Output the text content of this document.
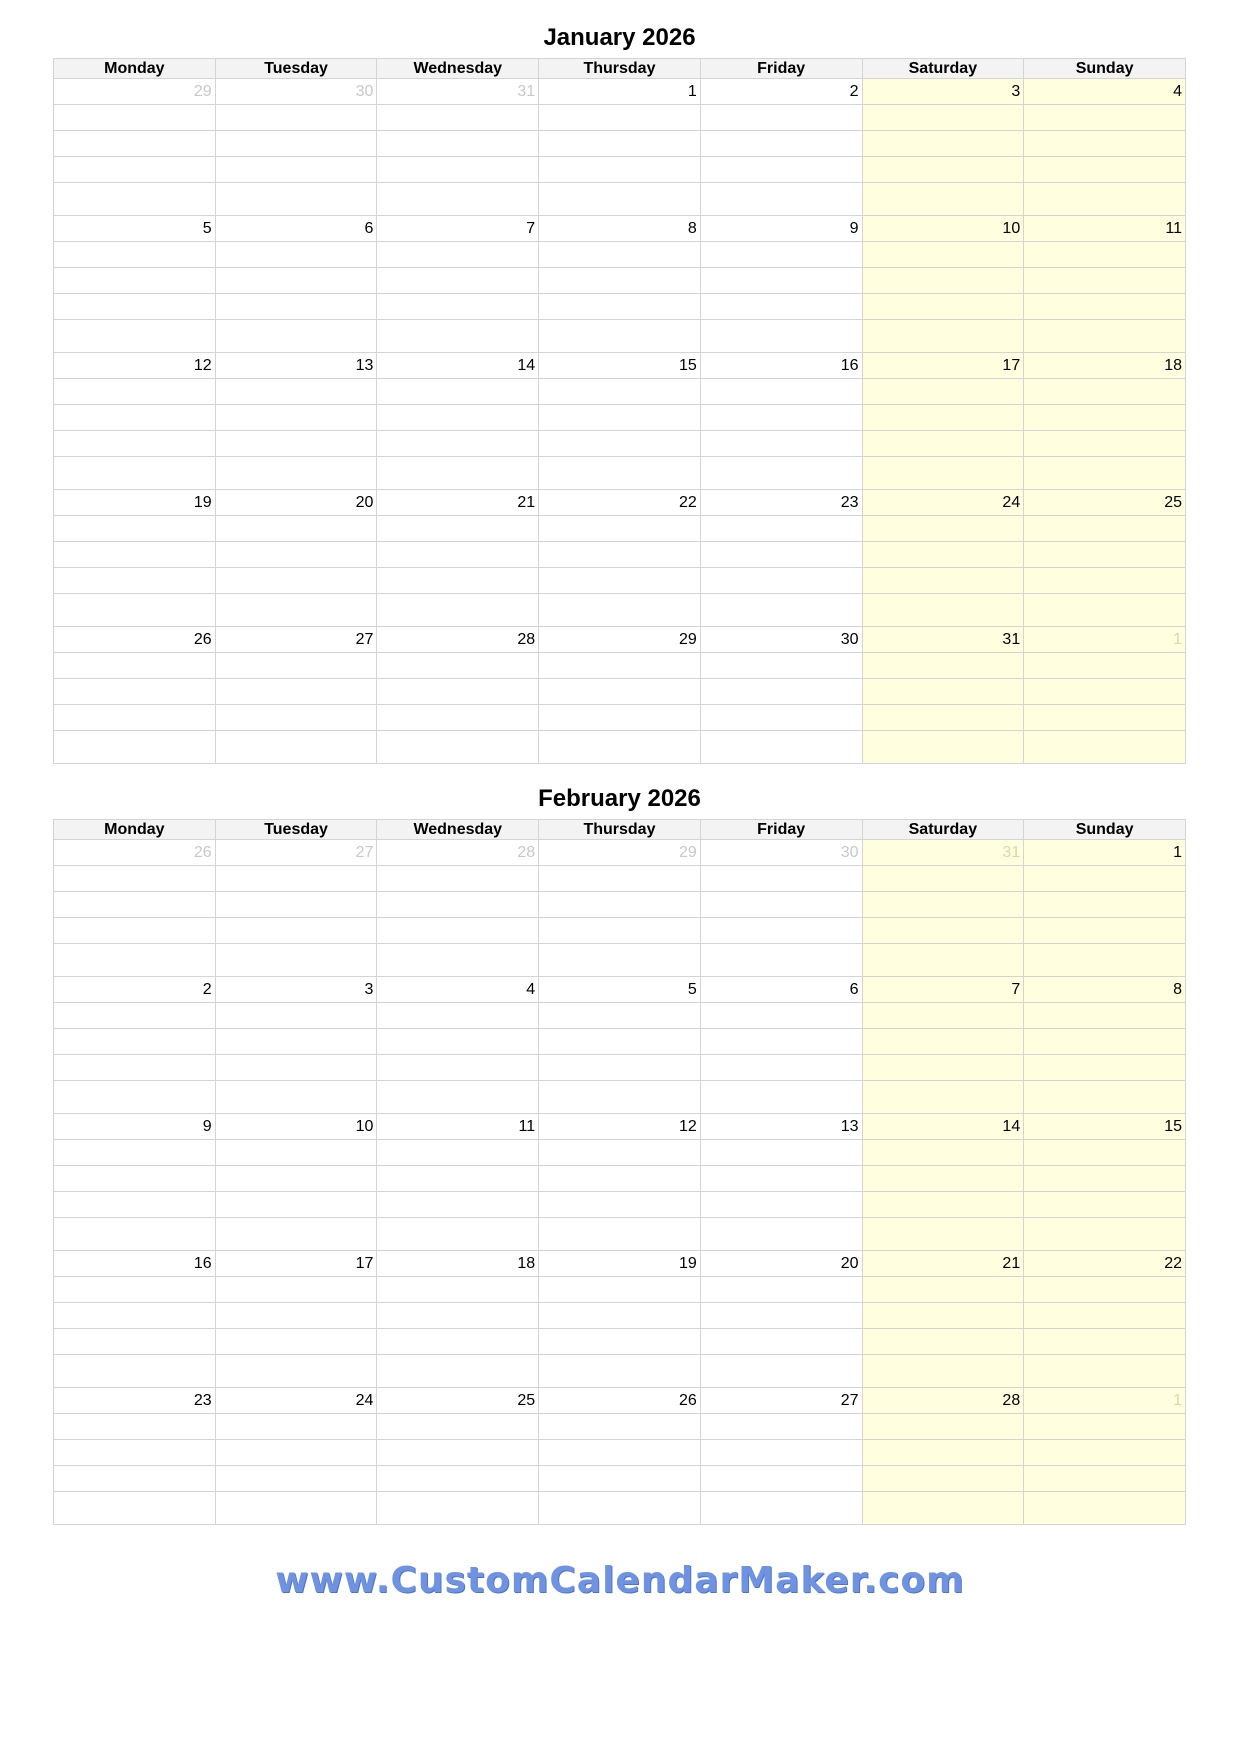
January 2026
Monday	Tuesday	Wednesday	Thursday	Friday	Saturday	Sunday
29	30	31	1	2	3	4

5	6	7	8	9	10	11

12	13	14	15	16	17	18

19	20	21	22	23	24	25

26	27	28	29	30	31	1

February 2026
Monday	Tuesday	Wednesday	Thursday	Friday	Saturday	Sunday
26	27	28	29	30	31	1

2	3	4	5	6	7	8

9	10	11	12	13	14	15

16	17	18	19	20	21	22

23	24	25	26	27	28	1

www.CustomCalendarMaker.com
